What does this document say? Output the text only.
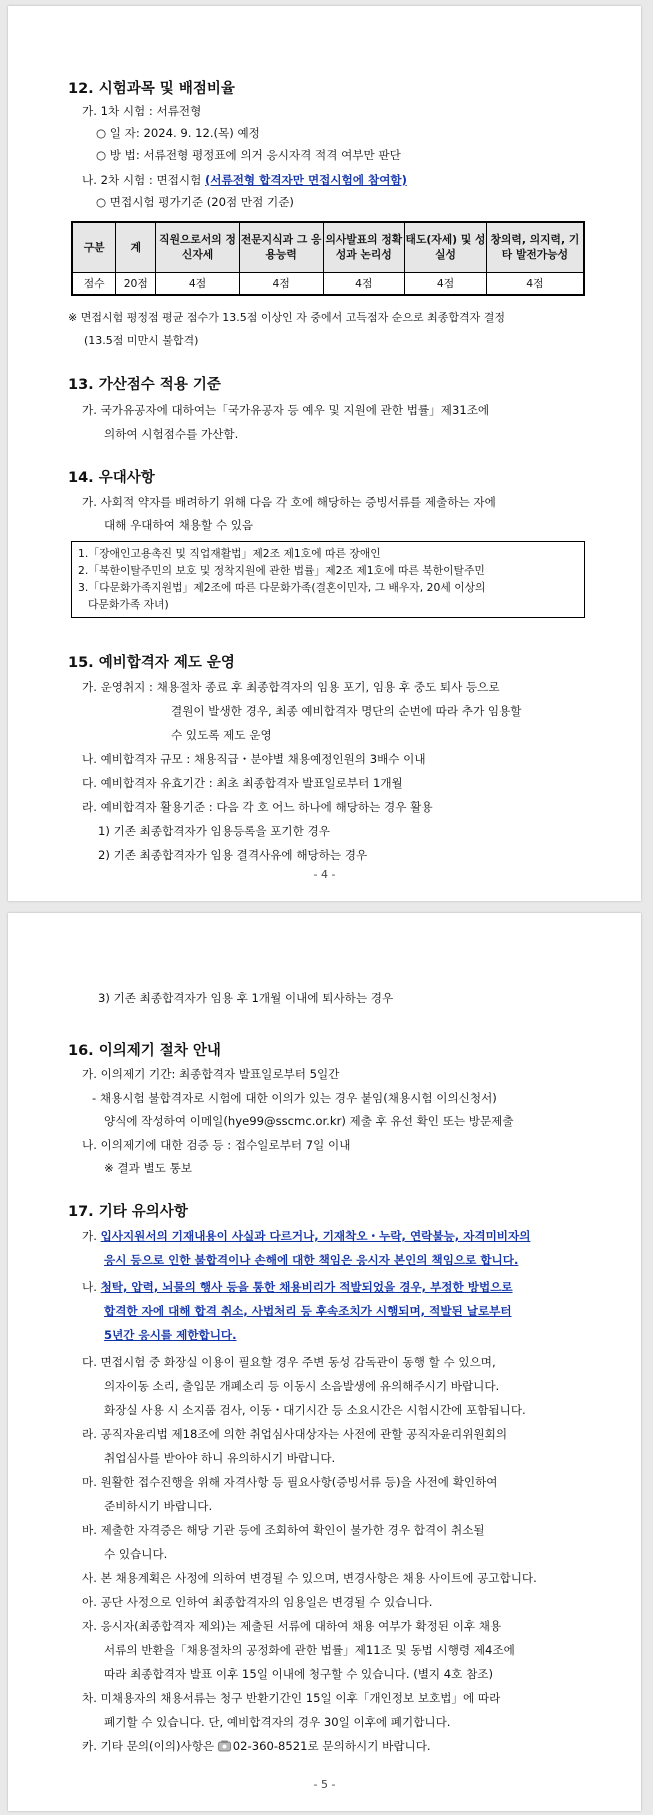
12. 시험과목 및 배점비율
가. 1차 시험 : 서류전형
○ 일 자: 2024. 9. 12.(목) 예정
○ 방 법: 서류전형 평정표에 의거 응시자격 적격 여부만 판단
나. 2차 시험 : 면접시험 (서류전형 합격자만 면접시험에 참여함)
○ 면접시험 평가기준 (20점 만점 기준)
구분	계	직원으로서의 정신자세	전문지식과 그 응용능력	의사발표의 정확성과 논리성	태도(자세) 및 성실성	창의력, 의지력, 기타 발전가능성
점수	20점	4점	4점	4점	4점	4점
※ 면접시험 평정점 평균 점수가 13.5점 이상인 자 중에서 고득점자 순으로 최종합격자 결정
(13.5점 미만시 불합격)
13. 가산점수 적용 기준
가. 국가유공자에 대하여는「국가유공자 등 예우 및 지원에 관한 법률」제31조에
의하여 시험점수를 가산함.
14. 우대사항
가. 사회적 약자를 배려하기 위해 다음 각 호에 해당하는 증빙서류를 제출하는 자에
대해 우대하여 채용할 수 있음
1.「장애인고용촉진 및 직업재활법」제2조 제1호에 따른 장애인
2.「북한이탈주민의 보호 및 정착지원에 관한 법률」제2조 제1호에 따른 북한이탈주민
3.「다문화가족지원법」제2조에 따른 다문화가족(결혼이민자, 그 배우자, 20세 이상의
다문화가족 자녀)
15. 예비합격자 제도 운영
가. 운영취지 : 채용절차 종료 후 최종합격자의 임용 포기, 임용 후 중도 퇴사 등으로
결원이 발생한 경우, 최종 예비합격자 명단의 순번에 따라 추가 임용할
수 있도록 제도 운영
나. 예비합격자 규모 : 채용직급・분야별 채용예정인원의 3배수 이내
다. 예비합격자 유효기간 : 최초 최종합격자 발표일로부터 1개월
라. 예비합격자 활용기준 : 다음 각 호 어느 하나에 해당하는 경우 활용
1) 기존 최종합격자가 임용등록을 포기한 경우
2) 기존 최종합격자가 임용 결격사유에 해당하는 경우
- 4 -
3) 기존 최종합격자가 임용 후 1개월 이내에 퇴사하는 경우
16. 이의제기 절차 안내
가. 이의제기 기간: 최종합격자 발표일로부터 5일간
- 채용시험 불합격자로 시험에 대한 이의가 있는 경우 붙임(채용시험 이의신청서)
양식에 작성하여 이메일(hye99@sscmc.or.kr) 제출 후 유선 확인 또는 방문제출
나. 이의제기에 대한 검증 등 : 접수일로부터 7일 이내
※ 결과 별도 통보
17. 기타 유의사항
가. 입사지원서의 기재내용이 사실과 다르거나, 기재착오・누락, 연락불능, 자격미비자의
응시 등으로 인한 불합격이나 손해에 대한 책임은 응시자 본인의 책임으로 합니다.
나. 청탁, 압력, 뇌물의 행사 등을 통한 채용비리가 적발되었을 경우, 부정한 방법으로
합격한 자에 대해 합격 취소, 사법처리 등 후속조치가 시행되며, 적발된 날로부터
5년간 응시를 제한합니다.
다. 면접시험 중 화장실 이용이 필요할 경우 주변 동성 감독관이 동행 할 수 있으며,
의자이동 소리, 출입문 개폐소리 등 이동시 소음발생에 유의해주시기 바랍니다.
화장실 사용 시 소지품 검사, 이동・대기시간 등 소요시간은 시험시간에 포함됩니다.
라. 공직자윤리법 제18조에 의한 취업심사대상자는 사전에 관할 공직자윤리위원회의
취업심사를 받아야 하니 유의하시기 바랍니다.
마. 원활한 접수진행을 위해 자격사항 등 필요사항(증빙서류 등)을 사전에 확인하여
준비하시기 바랍니다.
바. 제출한 자격증은 해당 기관 등에 조회하여 확인이 불가한 경우 합격이 취소될
수 있습니다.
사. 본 채용계획은 사정에 의하여 변경될 수 있으며, 변경사항은 채용 사이트에 공고합니다.
아. 공단 사정으로 인하여 최종합격자의 임용일은 변경될 수 있습니다.
자. 응시자(최종합격자 제외)는 제출된 서류에 대하여 채용 여부가 확정된 이후 채용
서류의 반환을「채용절차의 공정화에 관한 법률」제11조 및 동법 시행령 제4조에
따라 최종합격자 발표 이후 15일 이내에 청구할 수 있습니다. (별지 4호 참조)
차. 미채용자의 채용서류는 청구 반환기간인 15일 이후「개인정보 보호법」에 따라
폐기할 수 있습니다. 단, 예비합격자의 경우 30일 이후에 폐기합니다.
카. 기타 문의(이의)사항은 02-360-8521로 문의하시기 바랍니다.
- 5 -
